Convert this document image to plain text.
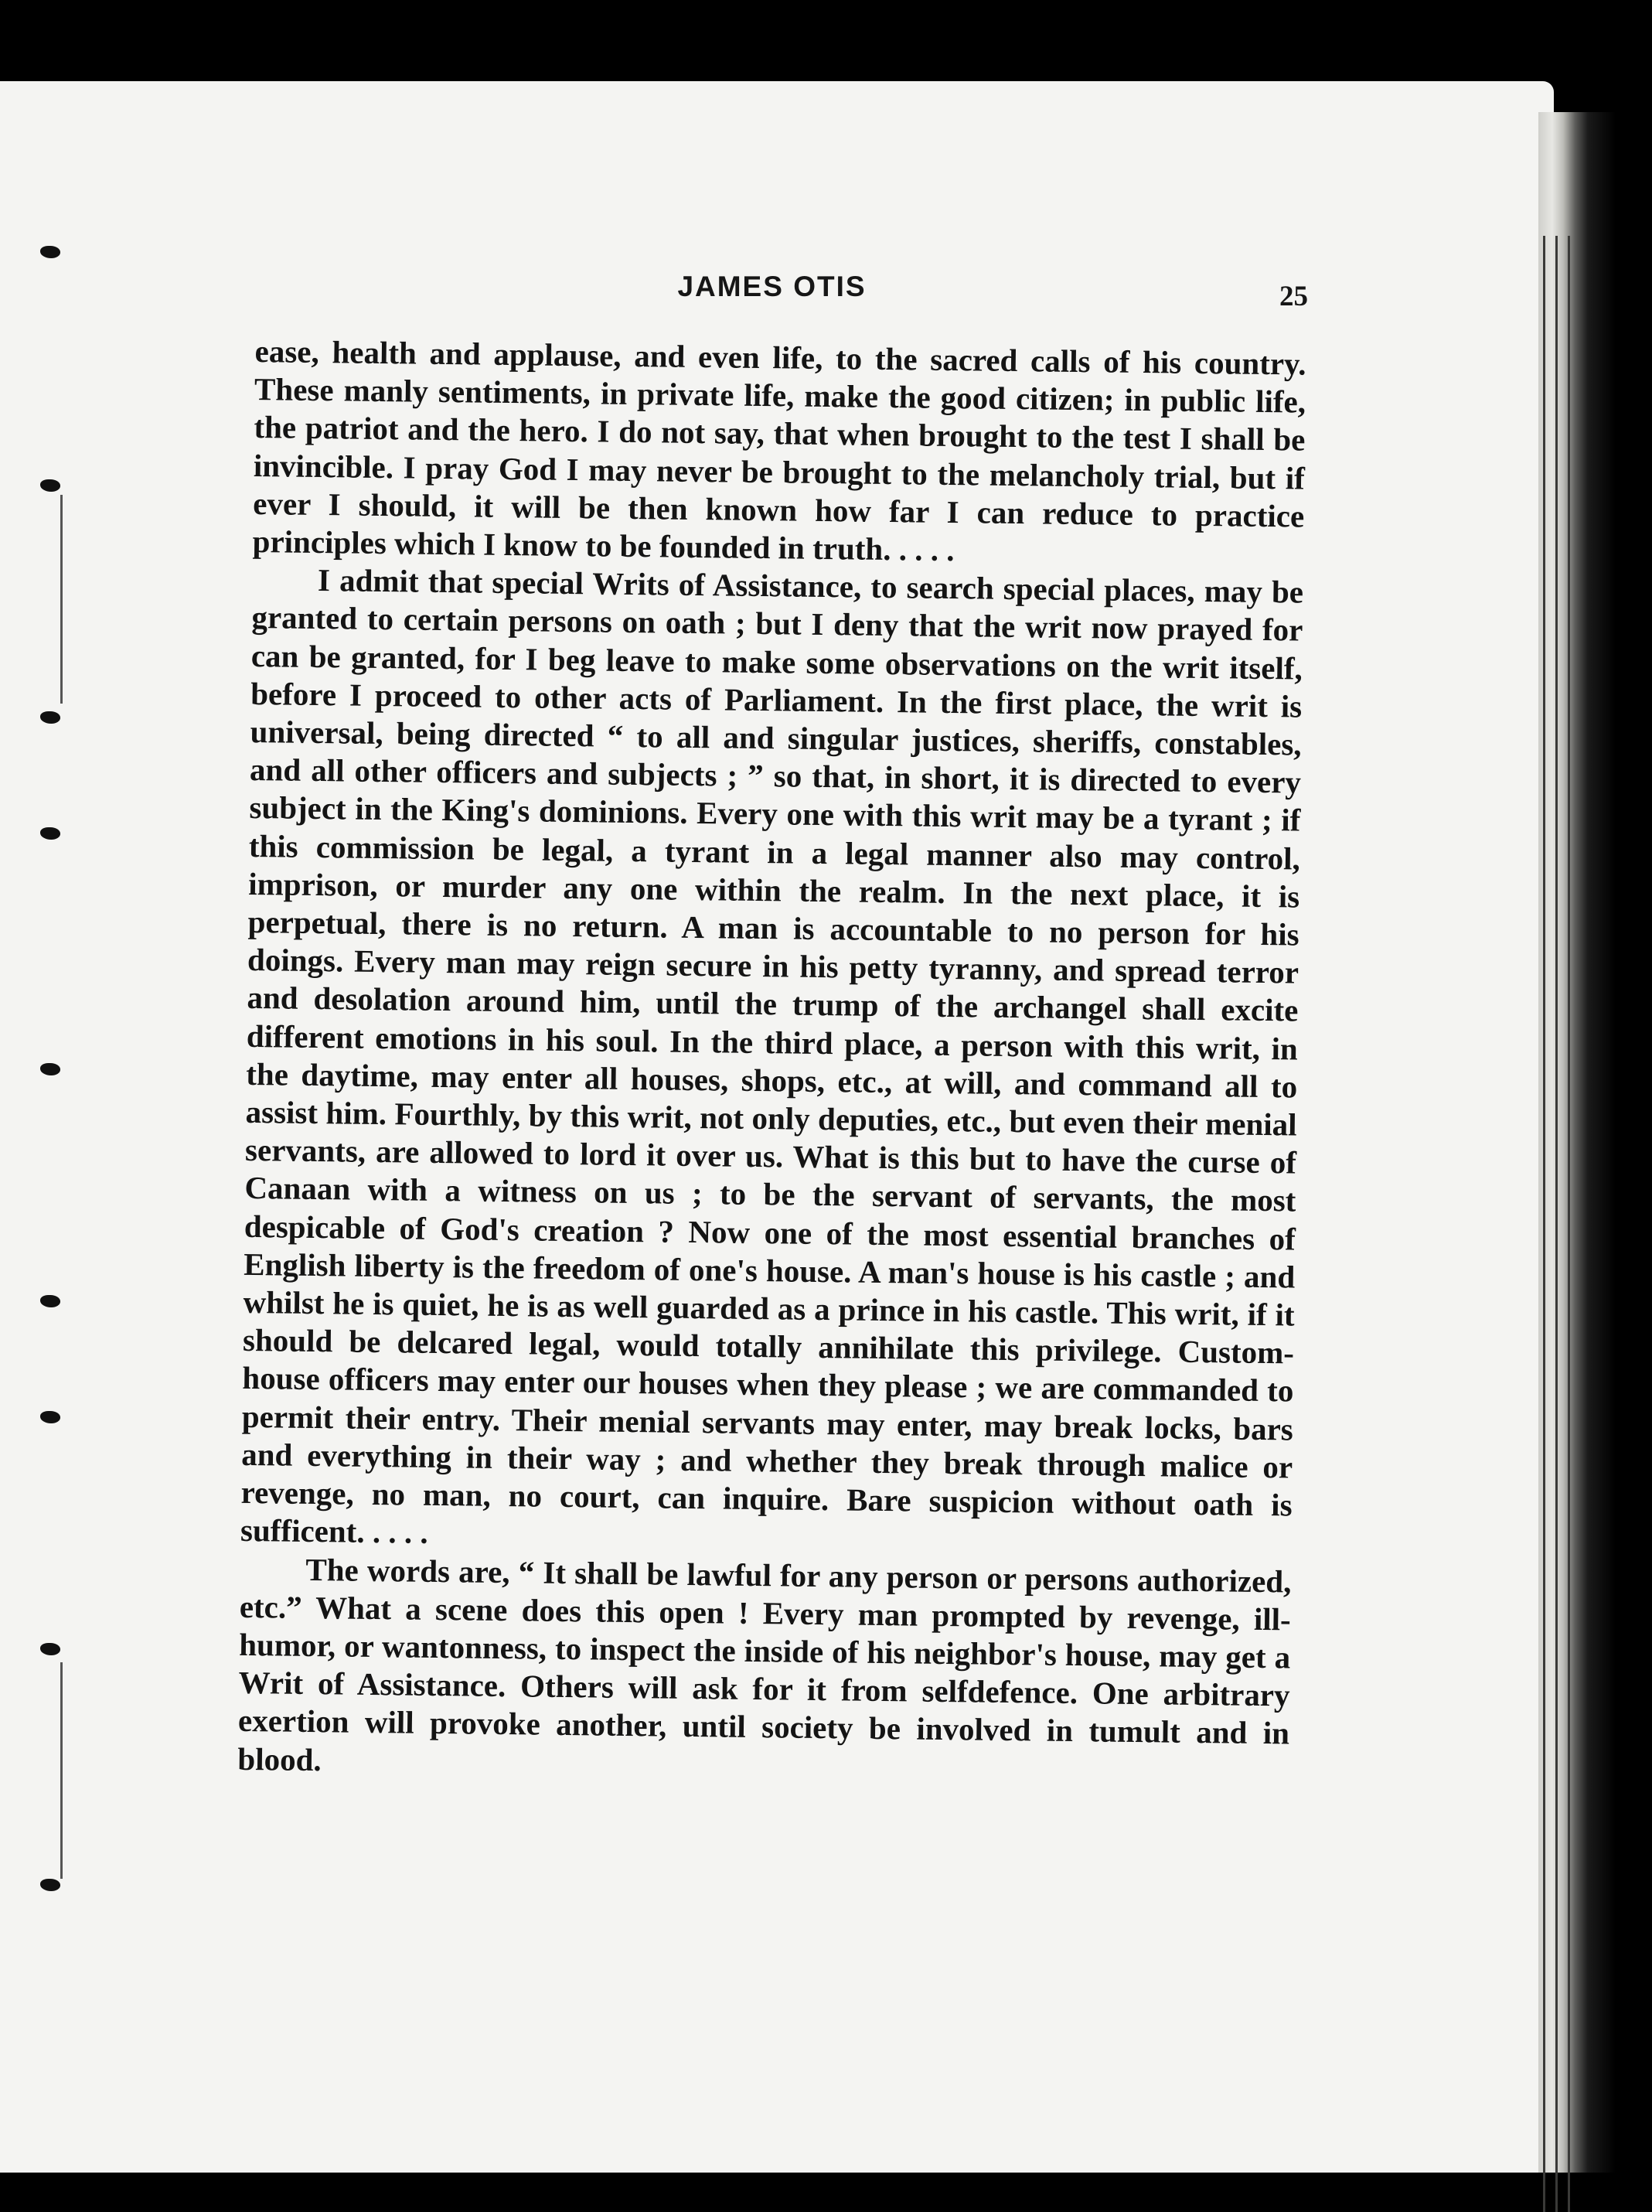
JAMES OTIS	25

ease, health and applause, and even life, to the sacred calls of his country. These manly sentiments, in private life, make the good citizen; in public life, the patriot and the hero. I do not say, that when brought to the test I shall be invincible. I pray God I may never be brought to the melancholy trial, but if ever I should, it will be then known how far I can reduce to practice principles which I know to be founded in truth. . . . .

I admit that special Writs of Assistance, to search special places, may be granted to certain persons on oath ; but I deny that the writ now prayed for can be granted, for I beg leave to make some observations on the writ itself, before I proceed to other acts of Parliament. In the first place, the writ is universal, being directed “ to all and singular justices, sheriffs, constables, and all other officers and subjects ; ” so that, in short, it is directed to every subject in the King's dominions. Every one with this writ may be a tyrant ; if this commission be legal, a tyrant in a legal manner also may control, imprison, or murder any one within the realm. In the next place, it is perpetual, there is no return. A man is accountable to no person for his doings. Every man may reign secure in his petty tyranny, and spread terror and desolation around him, until the trump of the archangel shall excite different emotions in his soul. In the third place, a person with this writ, in the daytime, may enter all houses, shops, etc., at will, and command all to assist him. Fourthly, by this writ, not only deputies, etc., but even their menial servants, are allowed to lord it over us. What is this but to have the curse of Canaan with a witness on us ; to be the servant of servants, the most despicable of God's creation ? Now one of the most essential branches of English liberty is the freedom of one's house. A man's house is his castle ; and whilst he is quiet, he is as well guarded as a prince in his castle. This writ, if it should be delcared legal, would totally annihilate this privilege. Custom-house officers may enter our houses when they please ; we are commanded to permit their entry. Their menial servants may enter, may break locks, bars and everything in their way ; and whether they break through malice or revenge, no man, no court, can inquire. Bare suspicion without oath is sufficent. . . . .

The words are, “ It shall be lawful for any person or persons authorized, etc.” What a scene does this open ! Every man prompted by revenge, ill-humor, or wantonness, to inspect the inside of his neighbor's house, may get a Writ of Assistance. Others will ask for it from selfdefence. One arbitrary exertion will provoke another, until society be involved in tumult and in blood.
